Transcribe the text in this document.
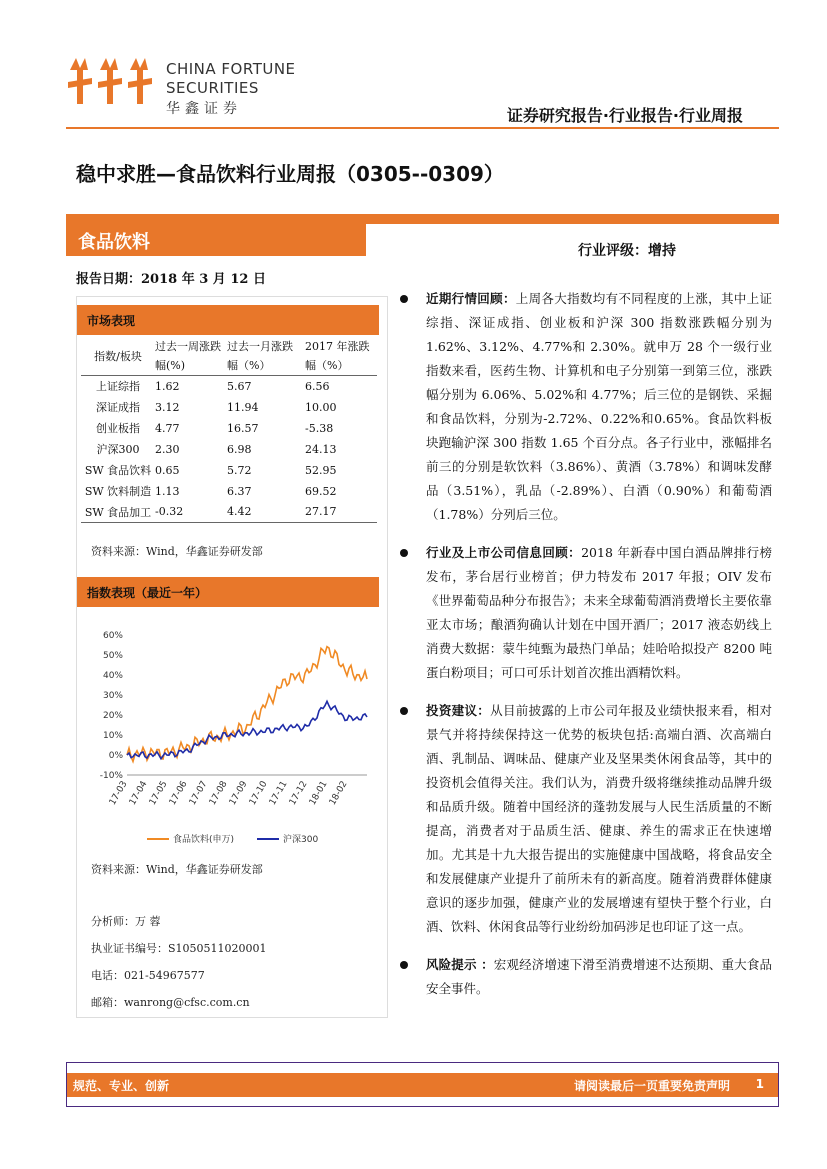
CHINA FORTUNE
SECURITIES
华鑫证券	证券研究报告·行业报告·行业周报
稳中求胜—食品饮料行业周报（0305--0309）
食品饮料	行业评级：增持
报告日期：2018 年 3 月 12 日
市场表现
指数/板块	过去一周涨跌幅(%)	过去一月涨跌幅（%）	2017 年涨跌幅（%）
上证综指	1.62	5.67	6.56
深证成指	3.12	11.94	10.00
创业板指	4.77	16.57	-5.38
沪深300	2.30	6.98	24.13
SW 食品饮料	0.65	5.72	52.95
SW 饮料制造	1.13	6.37	69.52
SW 食品加工	-0.32	4.42	27.17
资料来源：Wind，华鑫证券研发部
指数表现（最近一年）
60%
50%
40%
30%
20%
10%
0%
-10%
17-03
17-04
17-05
17-06
17-07
17-08
17-09
17-10
17-11
17-12
18-01
18-02
食品饮料(申万)	沪深300
资料来源：Wind，华鑫证券研发部
分析师：万 蓉
执业证书编号：S1050511020001
电话：021-54967577
邮箱：wanrong@cfsc.com.cn
近期行情回顾：上周各大指数均有不同程度的上涨，其中上证综指、深证成指、创业板和沪深 300 指数涨跌幅分别为 1.62%、3.12%、4.77%和 2.30%。就申万 28 个一级行业指数来看，医药生物、计算机和电子分别第一到第三位，涨跌幅分别为 6.06%、5.02%和 4.77%；后三位的是钢铁、采掘和食品饮料，分别为-2.72%、0.22%和0.65%。食品饮料板块跑输沪深 300 指数 1.65 个百分点。各子行业中，涨幅排名前三的分别是软饮料（3.86%）、黄酒（3.78%）和调味发酵品（3.51%），乳品（-2.89%）、白酒（0.90%）和葡萄酒（1.78%）分列后三位。
行业及上市公司信息回顾：2018 年新春中国白酒品牌排行榜发布，茅台居行业榜首；伊力特发布 2017 年报；OIV 发布《世界葡萄品种分布报告》；未来全球葡萄酒消费增长主要依靠亚太市场；酿酒狗确认计划在中国开酒厂；2017 液态奶线上消费大数据：蒙牛纯甄为最热门单品；娃哈哈拟投产 8200 吨蛋白粉项目；可口可乐计划首次推出酒精饮料。
投资建议：从目前披露的上市公司年报及业绩快报来看，相对景气并将持续保持这一优势的板块包括:高端白酒、次高端白酒、乳制品、调味品、健康产业及坚果类休闲食品等，其中的投资机会值得关注。我们认为，消费升级将继续推动品牌升级和品质升级。随着中国经济的蓬勃发展与人民生活质量的不断提高，消费者对于品质生活、健康、养生的需求正在快速增加。尤其是十九大报告提出的实施健康中国战略，将食品安全和发展健康产业提升了前所未有的新高度。随着消费群体健康意识的逐步加强，健康产业的发展增速有望快于整个行业，白酒、饮料、休闲食品等行业纷纷加码涉足也印证了这一点。
风险提示 ：宏观经济增速下滑至消费增速不达预期、重大食品安全事件。
规范、专业、创新	请阅读最后一页重要免责声明 1
